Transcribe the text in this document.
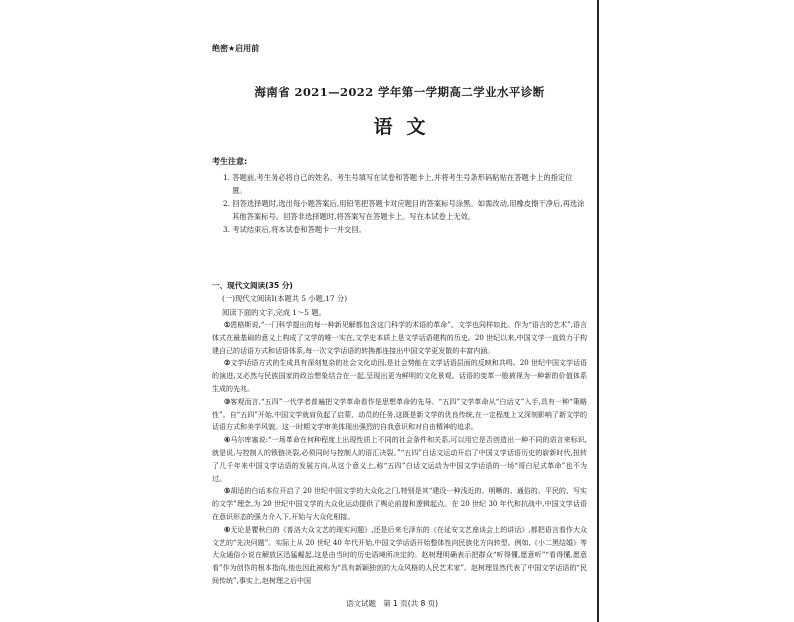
绝密★启用前

海南省 2021—2022 学年第一学期高二学业水平诊断

语文

考生注意:

1. 答题前,考生务必将自己的姓名、考生号填写在试卷和答题卡上,并将考生号条形码粘贴在答题卡上的指定位置。

2. 回答选择题时,选出每小题答案后,用铅笔把答题卡对应题目的答案标号涂黑。如需改动,用橡皮擦干净后,再选涂其他答案标号。回答非选择题时,将答案写在答题卡上。写在本试卷上无效。

3. 考试结束后,将本试卷和答题卡一并交回。

一、现代文阅读(35 分)

(一)现代文阅读Ⅰ(本题共 5 小题,17 分)

阅读下面的文字,完成 1～5 题。

①恩格斯说,“一门科学提出的每一种新见解都包含这门科学的术语的革命”。文学也同样如此。作为“语言的艺术”,语言体式在最基础的意义上构成了文学的唯一实在,文学史本质上是文学话语建构的历史。20 世纪以来,中国文学一直致力于构建自己的话语方式和话语体系,每一次文学话语的转换都连接出中国文学更发散的丰富内涵。

②文学话语方式的生成具有深刻复杂的社会文化动因,是社会势能在文学话语层面的反映和共鸣。20 世纪中国文学话语的演进,又必然与民族国家的政治想象结合在一起,呈现出更为鲜明的文化景观。话语的变革一般被视为一种新的价值体系生成的先兆。

③客观而言,“五四”一代学者普遍把文学革命看作是思想革命的先导。“五四”文学革命从“白话文”入手,具有一种“策略性”。自“五四”开始,中国文学就肩负起了启蒙、动员的任务,这既是新文学的优良传统,在一定程度上又深刻影响了新文学的话语方式和美学风貌。这一时期文学审美体现出强烈的自我意识和对自由精神的追求。

④马尔库塞说:“一场革命在何种程度上出现性质上不同的社会条件和关系,可以用它是否创造出一种不同的语言来标识,就是说,与控制人的锁链决裂,必须同时与控制人的语汇决裂。”“五四”白话文运动开启了中国文学话语历史的崭新时代,扭转了几千年来中国文学话语的发展方向,从这个意义上,称“五四”白话文运动为中国文学话语的一场“哥白尼式革命”也不为过。

⑤胡适的白话本位开启了 20 世纪中国文学的大众化之门,特别是其“建设一种浅近的、明晰的、通俗的、平民的、写实的文学”理念,为 20 世纪中国文学的大众化运动提供了舆论前提和逻辑起点。在 20 世纪 30 年代和抗战中,中国文学话语在意识形态的强力介入下,开始与大众化相接。

⑥无论是瞿秋白的《普洛大众文艺的现实问题》,还是后来毛泽东的《在延安文艺座谈会上的讲话》,都把语言看作大众文艺的“先决问题”。实际上从 20 世纪 40 年代开始,中国文学话语开始整体性向民族化方向转型。例如,《小二黑结婚》等大众通俗小说在解放区迅猛崛起,这是由当时的历史语境所决定的。赵树理明确表示把群众“听得懂,愿意听”“看得懂,愿意看”作为创作的根本指向,他也因此被称为“具有新颖独创的大众风格的人民艺术家”。赵树理显然代表了中国文学话语的“民间传统”,事实上,赵树理之后中国

语文试题   第 1 页(共 8 页)
